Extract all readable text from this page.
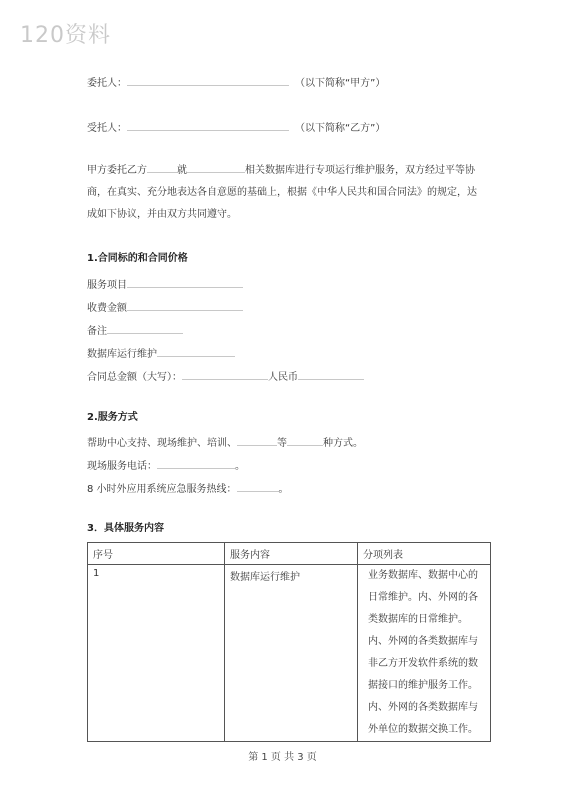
120资料
委托人：	（以下简称“甲方”）
受托人：	（以下简称“乙方”）
甲方委托乙方	就	相关数据库进行专项运行维护服务，双方经过平等协商，在真实、充分地表达各自意愿的基础上，根据《中华人民共和国合同法》的规定，达成如下协议，并由双方共同遵守。
1.合同标的和合同价格
服务项目
收费金额
备注
数据库运行维护
合同总金额（大写）：	人民币
2.服务方式
帮助中心支持、现场维护、培训、	等	种方式。
现场服务电话：	。
8 小时外应用系统应急服务热线：	。
3．具体服务内容
序号	服务内容	分项列表
1	数据库运行维护	业务数据库、数据中心的日常维护。内、外网的各类数据库的日常维护。内、外网的各类数据库与非乙方开发软件系统的数据接口的维护服务工作。内、外网的各类数据库与外单位的数据交换工作。
第 1 页 共 3 页
